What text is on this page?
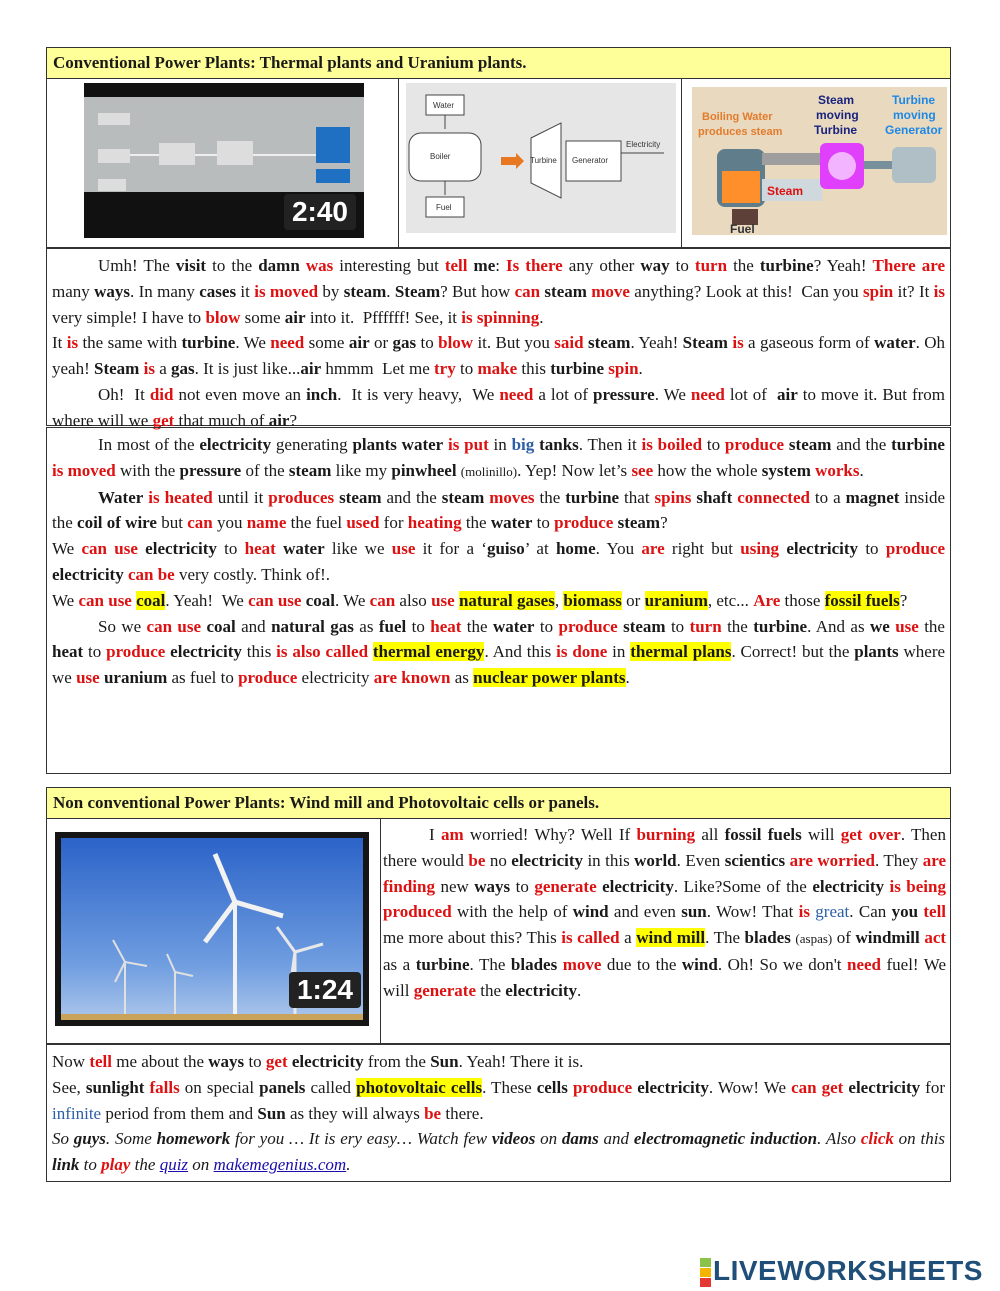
Conventional Power Plants: Thermal plants and Uranium plants.
2:40
Water
Boiler
Fuel
Turbine Generator
Electricity
Boiling Water
produces steam
Steam
moving
Turbine
Turbine
moving
Generator
Steam
Fuel

Umh! The visit to the damn was interesting but tell me: Is there any other way to turn the turbine? Yeah! There are many ways. In many cases it is moved by steam. Steam? But how can steam move anything? Look at this!  Can you spin it? It is very simple! I have to blow some air into it.  Pffffff! See, it is spinning.

It is the same with turbine. We need some air or gas to blow it. But you said steam. Yeah! Steam is a gaseous form of water. Oh yeah! Steam is a gas. It is just like...air hmmm  Let me try to make this turbine spin.

Oh!  It did not even move an inch.  It is very heavy,  We need a lot of pressure. We need lot of  air to move it. But from where will we get that much of air?

In most of the electricity generating plants water is put in big tanks. Then it is boiled to produce steam and the turbine is moved with the pressure of the steam like my pinwheel (molinillo). Yep! Now let’s see how the whole system works.

Water is heated until it produces steam and the steam moves the turbine that spins shaft connected to a magnet inside the coil of wire but can you name the fuel used for heating the water to produce steam?

We can use electricity to heat water like we use it for a ‘guiso’ at home. You are right but using electricity to produce electricity can be very costly. Think of!.

We can use coal. Yeah!  We can use coal. We can also use natural gases, biomass or uranium, etc... Are those fossil fuels?

So we can use coal and natural gas as fuel to heat the water to produce steam to turn the turbine. And as we use the heat to produce electricity this is also called thermal energy. And this is done in thermal plans. Correct! but the plants where we use uranium as fuel to produce electricity are known as nuclear power plants.

Non conventional Power Plants: Wind mill and Photovoltaic cells or panels.
1:24

I am worried! Why? Well If burning all fossil fuels will get over. Then there would be no electricity in this world. Even scientics are worried. They are finding new ways to generate electricity. Like?Some of the electricity is being produced with the help of wind and even sun. Wow! That is great. Can you tell me more about this? This is called a wind mill. The blades (aspas) of windmill act as a turbine. The blades move due to the wind. Oh! So we don't need fuel! We will generate the electricity.

Now tell me about the ways to get electricity from the Sun. Yeah! There it is.

See, sunlight falls on special panels called photovoltaic cells. These cells produce electricity. Wow! We can get electricity for infinite period from them and Sun as they will always be there.

So guys. Some homework for you … It is ery easy… Watch few videos on dams and electromagnetic induction. Also click on this link to play the quiz on makemegenius.com.

LIVEWORKSHEETS
